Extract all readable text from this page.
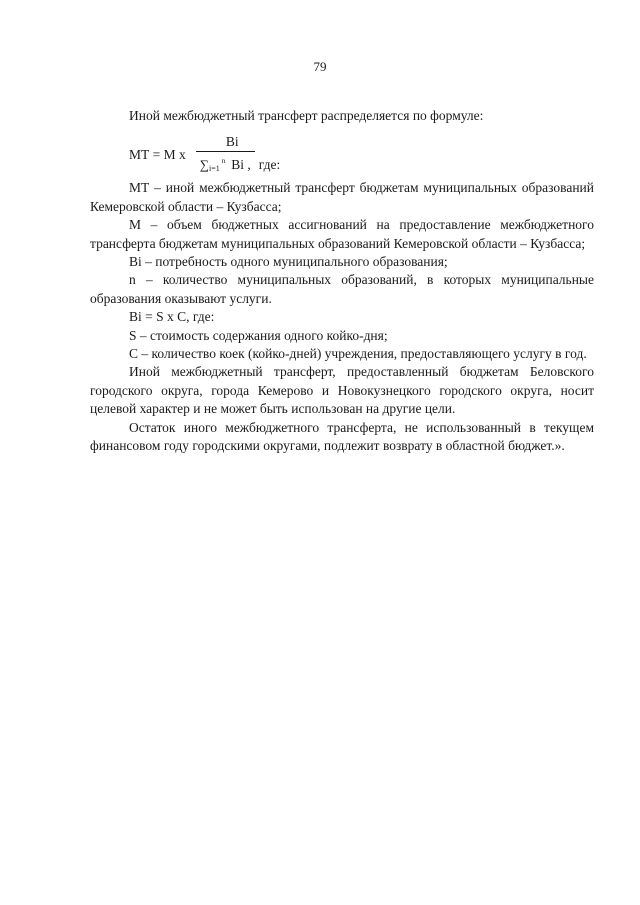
79

Иной межбюджетный трансферт распределяется по формуле:

МТ = М х $\frac{Bi}{\sum_{i=1}^n Bi ,}$ где:

МТ – иной межбюджетный трансферт бюджетам муниципальных образований Кемеровской области – Кузбасса;

М – объем бюджетных ассигнований на предоставление межбюджетного трансферта бюджетам муниципальных образований Кемеровской области – Кузбасса;

Bi – потребность одного муниципального образования;

n – количество муниципальных образований, в которых муниципальные образования оказывают услуги.

Bi = S х С, где:

S – стоимость содержания одного койко-дня;

С – количество коек (койко-дней) учреждения, предоставляющего услугу в год.

Иной межбюджетный трансферт, предоставленный бюджетам Беловского городского округа, города Кемерово и Новокузнецкого городского округа, носит целевой характер и не может быть использован на другие цели.

Остаток иного межбюджетного трансферта, не использованный в текущем финансовом году городскими округами, подлежит возврату в областной бюджет.».
